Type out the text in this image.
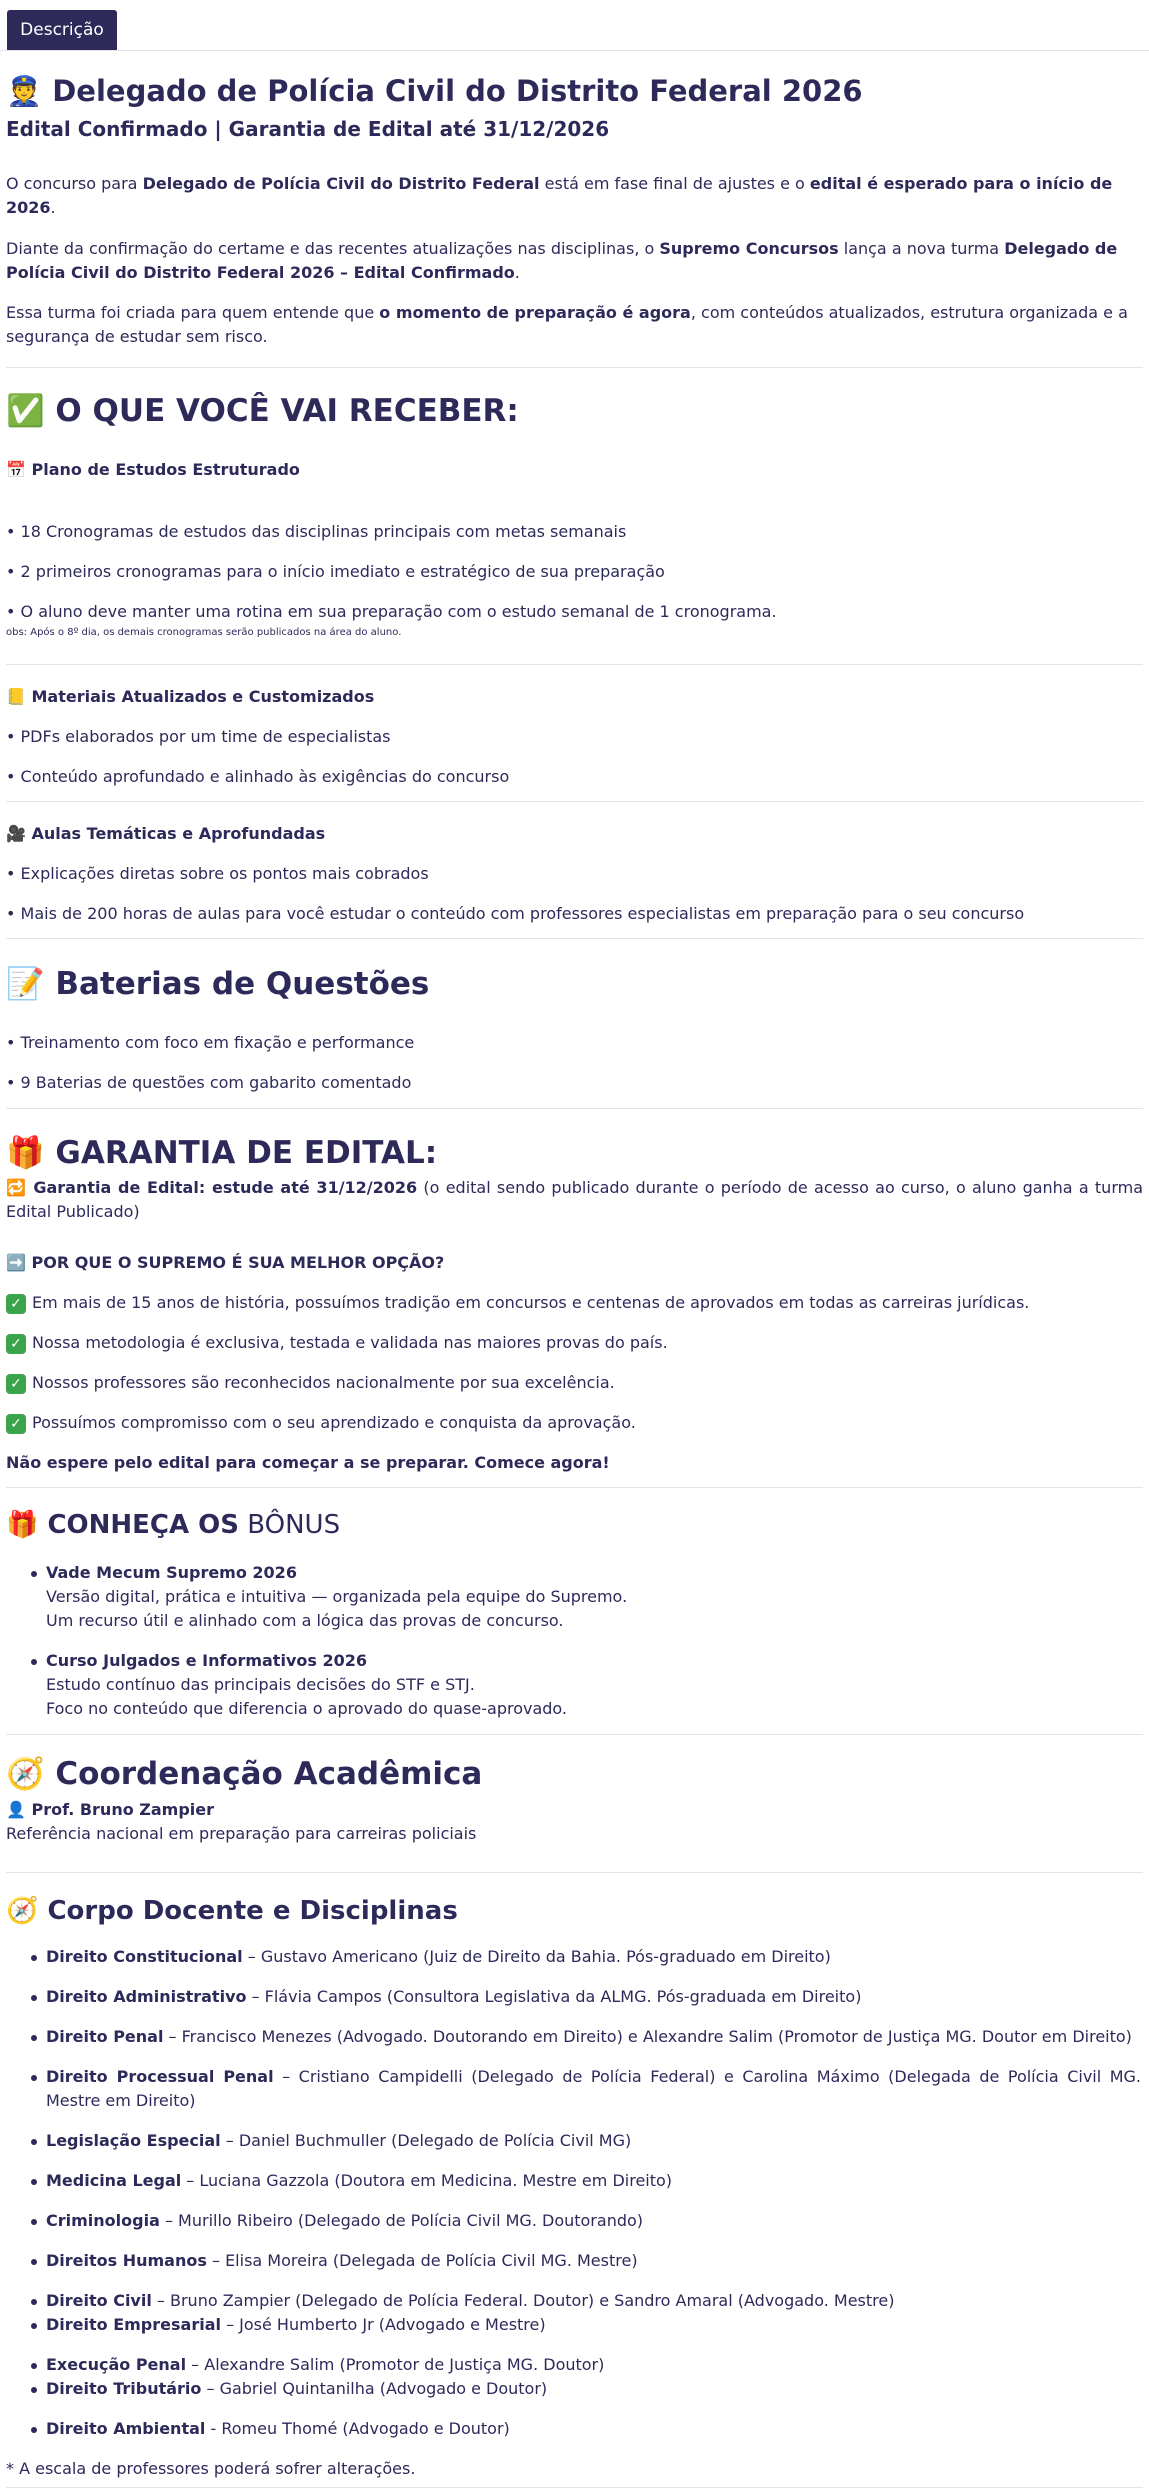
Descrição
👮 Delegado de Polícia Civil do Distrito Federal 2026
Edital Confirmado | Garantia de Edital até 31/12/2026
O concurso para Delegado de Polícia Civil do Distrito Federal está em fase final de ajustes e o edital é esperado para o início de 2026.
Diante da confirmação do certame e das recentes atualizações nas disciplinas, o Supremo Concursos lança a nova turma Delegado de Polícia Civil do Distrito Federal 2026 – Edital Confirmado.
Essa turma foi criada para quem entende que o momento de preparação é agora, com conteúdos atualizados, estrutura organizada e a segurança de estudar sem risco.
✅ O QUE VOCÊ VAI RECEBER:
📅 Plano de Estudos Estruturado
• 18 Cronogramas de estudos das disciplinas principais com metas semanais
• 2 primeiros cronogramas para o início imediato e estratégico de sua preparação
• O aluno deve manter uma rotina em sua preparação com o estudo semanal de 1 cronograma.
obs: Após o 8º dia, os demais cronogramas serão publicados na área do aluno.
📒 Materiais Atualizados e Customizados
• PDFs elaborados por um time de especialistas
• Conteúdo aprofundado e alinhado às exigências do concurso
🎥 Aulas Temáticas e Aprofundadas
• Explicações diretas sobre os pontos mais cobrados
• Mais de 200 horas de aulas para você estudar o conteúdo com professores especialistas em preparação para o seu concurso
📝 Baterias de Questões
• Treinamento com foco em fixação e performance
• 9 Baterias de questões com gabarito comentado
🎁 GARANTIA DE EDITAL:
🔁 Garantia de Edital: estude até 31/12/2026 (o edital sendo publicado durante o período de acesso ao curso, o aluno ganha a turma Edital Publicado)
➡️ POR QUE O SUPREMO É SUA MELHOR OPÇÃO?
✓ Em mais de 15 anos de história, possuímos tradição em concursos e centenas de aprovados em todas as carreiras jurídicas.
✓ Nossa metodologia é exclusiva, testada e validada nas maiores provas do país.
✓ Nossos professores são reconhecidos nacionalmente por sua excelência.
✓ Possuímos compromisso com o seu aprendizado e conquista da aprovação.
Não espere pelo edital para começar a se preparar. Comece agora!
🎁 CONHEÇA OS BÔNUS
Vade Mecum Supremo 2026
Versão digital, prática e intuitiva — organizada pela equipe do Supremo.
Um recurso útil e alinhado com a lógica das provas de concurso.
Curso Julgados e Informativos 2026
Estudo contínuo das principais decisões do STF e STJ.
Foco no conteúdo que diferencia o aprovado do quase-aprovado.
🧭 Coordenação Acadêmica
👤 Prof. Bruno Zampier
Referência nacional em preparação para carreiras policiais
🧭 Corpo Docente e Disciplinas
Direito Constitucional – Gustavo Americano (Juiz de Direito da Bahia. Pós-graduado em Direito)
Direito Administrativo – Flávia Campos (Consultora Legislativa da ALMG. Pós-graduada em Direito)
Direito Penal – Francisco Menezes (Advogado. Doutorando em Direito) e Alexandre Salim (Promotor de Justiça MG. Doutor em Direito)
Direito Processual Penal – Cristiano Campidelli (Delegado de Polícia Federal) e Carolina Máximo (Delegada de Polícia Civil MG. Mestre em Direito)
Legislação Especial – Daniel Buchmuller (Delegado de Polícia Civil MG)
Medicina Legal – Luciana Gazzola (Doutora em Medicina. Mestre em Direito)
Criminologia – Murillo Ribeiro (Delegado de Polícia Civil MG. Doutorando)
Direitos Humanos – Elisa Moreira (Delegada de Polícia Civil MG. Mestre)
Direito Civil – Bruno Zampier (Delegado de Polícia Federal. Doutor) e Sandro Amaral (Advogado. Mestre)
Direito Empresarial – José Humberto Jr (Advogado e Mestre)
Execução Penal – Alexandre Salim (Promotor de Justiça MG. Doutor)
Direito Tributário – Gabriel Quintanilha (Advogado e Doutor)
Direito Ambiental - Romeu Thomé (Advogado e Doutor)
* A escala de professores poderá sofrer alterações.
